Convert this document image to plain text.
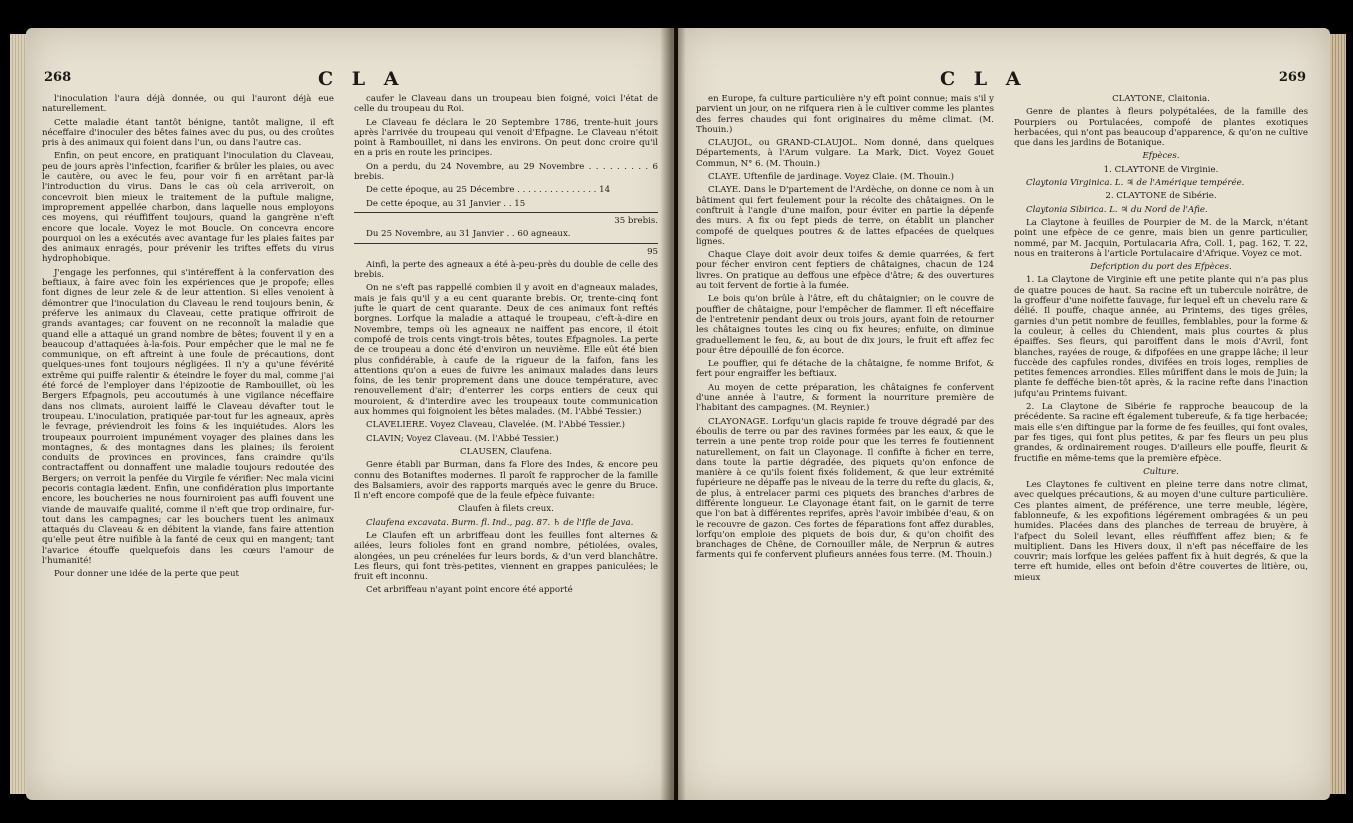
268	C L A

l'inoculation l'aura déjà donnée, ou qui l'auront déjà eue naturellement.

Cette maladie étant tantôt bénigne, tantôt maligne, il eft néceffaire d'inoculer des bêtes faines avec du pus, ou des croûtes pris à des animaux qui foient dans l'un, ou dans l'autre cas.

Enfin, on peut encore, en pratiquant l'inoculation du Claveau, peu de jours après l'infection, fcarifier & brûler les plaies, ou avec le cautère, ou avec le feu, pour voir fi en arrêtant par-là l'introduction du virus. Dans le cas où cela arriveroit, on concevroit bien mieux le traitement de la puftule maligne, improprement appellée charbon, dans laquelle nous employons ces moyens, qui réuffiffent toujours, quand la gangrène n'eft encore que locale. Voyez le mot Boucle. On concevra encore pourquoi on les a exécutés avec avantage fur les plaies faites par des animaux enragés, pour prévenir les triftes effets du virus hydrophobique.

J'engage les perfonnes, qui s'intéreffent à la confervation des beftiaux, à faire avec foin les expériences que je propofe; elles font dignes de leur zele & de leur attention. Si elles venoient à démontrer que l'inoculation du Claveau le rend toujours benin, & préferve les animaux du Claveau, cette pratique offriroit de grands avantages; car fouvent on ne reconnoît la maladie que quand elle a attaqué un grand nombre de bêtes; fouvent il y en a beaucoup d'attaquées à-la-fois. Pour empêcher que le mal ne fe communique, on eft aftreint à une foule de précautions, dont quelques-unes font toujours négligées. Il n'y a qu'une févérité extrême qui puiffe ralentir & éteindre le foyer du mal, comme j'ai été forcé de l'employer dans l'épizootie de Rambouillet, où les Bergers Efpagnols, peu accoutumés à une vigilance néceffaire dans nos climats, auroient laiffé le Claveau dévafter tout le troupeau. L'inoculation, pratiquée par-tout fur les agneaux, après le fevrage, préviendroit les foins & les inquiétudes. Alors les troupeaux pourroient impunément voyager des plaines dans les montagnes, & des montagnes dans les plaines; ils feroient conduits de provinces en provinces, fans craindre qu'ils contractaffent ou donnaffent une maladie toujours redoutée des Bergers; on verroit la penfée du Virgile fe vérifier: Nec mala vicini pecoris contagia lædent. Enfin, une confidération plus importante encore, les boucheries ne nous fourniroient pas auffi fouvent une viande de mauvaife qualité, comme il n'eft que trop ordinaire, fur-tout dans les campagnes; car les bouchers tuent les animaux attaqués du Claveau & en débitent la viande, fans faire attention qu'elle peut être nuifible à la fanté de ceux qui en mangent; tant l'avarice étouffe quelquefois dans les cœurs l'amour de l'humanité!

Pour donner une idée de la perte que peut

caufer le Claveau dans un troupeau bien foigné, voici l'état de celle du troupeau du Roi.

Le Claveau fe déclara le 20 Septembre 1786, trente-huit jours après l'arrivée du troupeau qui venoit d'Efpagne. Le Claveau n'étoit point à Rambouillet, ni dans les environs. On peut donc croire qu'il en a pris en route les principes.

On a perdu, du 24 Novembre, au 29 Novembre . . . . . . . . . 6 brebis.

De cette époque, au 25 Décembre . . . . . . . . . . . . . . . 14

De cette époque, au 31 Janvier . . 15

35 brebis.

Du 25 Novembre, au 31 Janvier . . 60 agneaux.

95

Ainfi, la perte des agneaux a été à-peu-près du double de celle des brebis.

On ne s'eft pas rappellé combien il y avoit en d'agneaux malades, mais je fais qu'il y a eu cent quarante brebis. Or, trente-cinq font jufte le quart de cent quarante. Deux de ces animaux font reftés borgnes. Lorfque la maladie a attaqué le troupeau, c'eft-à-dire en Novembre, temps où les agneaux ne naiffent pas encore, il étoit compofé de trois cents vingt-trois bêtes, toutes Efpagnoles. La perte de ce troupeau a donc été d'environ un neuvième. Elle eût été bien plus confidérable, à caufe de la rigueur de la faifon, fans les attentions qu'on a eues de fuivre les animaux malades dans leurs foins, de les tenir proprement dans une douce température, avec renouvellement d'air; d'enterrer les corps entiers de ceux qui mouroient, & d'interdire avec les troupeaux toute communication aux hommes qui foignoient les bêtes malades. (M. l'Abbé Tessier.)

CLAVELIERE. Voyez Claveau, Clavelée. (M. l'Abbé Tessier.)

CLAVIN; Voyez Claveau. (M. l'Abbé Tessier.)

CLAUSEN, Claufena.

Genre établi par Burman, dans fa Flore des Indes, & encore peu connu des Botaniftes modernes. Il paroît fe rapprocher de la famille des Balsamiers, avoir des rapports marqués avec le genre du Bruce. Il n'eft encore compofé que de la feule efpèce fuivante:

Claufen à filets creux.

Claufena excavata. Burm. fl. Ind., pag. 87. ♄ de l'Ifle de Java.

Le Claufen eft un arbriffeau dont les feuilles font alternes & ailées, leurs folioles font en grand nombre, pétiolées, ovales, alongées, un peu crénelées fur leurs bords, & d'un verd blanchâtre. Les fleurs, qui font très-petites, viennent en grappes paniculées; le fruit eft inconnu.

Cet arbriffeau n'ayant point encore été apporté

C L A	269

en Europe, fa culture particulière n'y eft point connue; mais s'il y parvient un jour, on ne rifquera rien à le cultiver comme les plantes des ferres chaudes qui font originaires du même climat. (M. Thouin.)

CLAUJOL, ou GRAND-CLAUJOL. Nom donné, dans quelques Départements, à l'Arum vulgare. La Mark, Dict. Voyez Gouet Commun, N° 6. (M. Thouin.)

CLAYE. Uftenfile de jardinage. Voyez Claie. (M. Thouin.)

CLAYE. Dans le D'partement de l'Ardèche, on donne ce nom à un bâtiment qui fert feulement pour la récolte des châtaignes. On le conftruit à l'angle d'une maifon, pour éviter en partie la dépenfe des murs. A fix ou fept pieds de terre, on établit un plancher compofé de quelques poutres & de lattes efpacées de quelques lignes.

Chaque Claye doit avoir deux toifes & demie quarrées, & fert pour fécher environ cent feptiers de châtaignes, chacun de 124 livres. On pratique au deffous une efpèce d'âtre; & des ouvertures au toit fervent de fortie à la fumée.

Le bois qu'on brûle à l'âtre, eft du châtaignier; on le couvre de pouffier de châtaigne, pour l'empêcher de flammer. Il eft néceffaire de l'entretenir pendant deux ou trois jours, ayant foin de retourner les châtaignes toutes les cinq ou fix heures; enfuite, on diminue graduellement le feu, &, au bout de dix jours, le fruit eft affez fec pour être dépouillé de fon écorce.

Le pouffier, qui fe détache de la châtaigne, fe nomme Brifot, & fert pour engraiffer les beftiaux.

Au moyen de cette préparation, les châtaignes fe confervent d'une année à l'autre, & forment la nourriture première de l'habitant des campagnes. (M. Reynier.)

CLAYONAGE. Lorfqu'un glacis rapide fe trouve dégradé par des éboulis de terre ou par des ravines formées par les eaux, & que le terrein a une pente trop roide pour que les terres fe foutiennent naturellement, on fait un Clayonage. Il confifte à ficher en terre, dans toute la partie dégradée, des piquets qu'on enfonce de manière à ce qu'ils foient fixés folidement, & que leur extrémité fupérieure ne dépaffe pas le niveau de la terre du refte du glacis, &, de plus, à entrelacer parmi ces piquets des branches d'arbres de différente longueur. Le Clayonage étant fait, on le garnit de terre que l'on bat à différentes reprifes, après l'avoir imbibée d'eau, & on le recouvre de gazon. Ces fortes de féparations font affez durables, lorfqu'on emploie des piquets de bois dur, & qu'on choifit des branchages de Chêne, de Cornouiller mâle, de Nerprun & autres farments qui fe confervent plufieurs années fous terre. (M. Thouin.)

CLAYTONE, Claitonia.

Genre de plantes à fleurs polypétalées, de la famille des Pourpiers ou Portulacées, compofé de plantes exotiques herbacées, qui n'ont pas beaucoup d'apparence, & qu'on ne cultive que dans les jardins de Botanique.

Efpèces.

1. CLAYTONE de Virginie.

Claytonia Virginica. L. ♃ de l'Amérique tempérée.

2. CLAYTONE de Sibérie.

Claytonia Sibirica. L. ♃ du Nord de l'Afie.

La Claytone à feuilles de Pourpier de M. de la Marck, n'étant point une efpèce de ce genre, mais bien un genre particulier, nommé, par M. Jacquin, Portulacaria Afra, Coll. 1, pag. 162, T. 22, nous en traiterons à l'article Portulacaire d'Afrique. Voyez ce mot.

Defcription du port des Efpèces.

1. La Claytone de Virginie eft une petite plante qui n'a pas plus de quatre pouces de haut. Sa racine eft un tubercule noirâtre, de la groffeur d'une noifette fauvage, fur lequel eft un chevelu rare & délié. Il pouffe, chaque année, au Printems, des tiges grêles, garnies d'un petit nombre de feuilles, femblables, pour la forme & la couleur, à celles du Chiendent, mais plus courtes & plus épaiffes. Ses fleurs, qui paroiffent dans le mois d'Avril, font blanches, rayées de rouge, & difpofées en une grappe lâche; il leur fuccède des capfules rondes, divifées en trois loges, remplies de petites femences arrondies. Elles mûriffent dans le mois de Juin; la plante fe defféche bien-tôt après, & la racine refte dans l'inaction jufqu'au Printems fuivant.

2. La Claytone de Sibérie fe rapproche beaucoup de la précédente. Sa racine eft également tubereufe, & fa tige herbacée; mais elle s'en diftingue par la forme de fes feuilles, qui font ovales, par fes tiges, qui font plus petites, & par fes fleurs un peu plus grandes, & ordinairement rouges. D'ailleurs elle pouffe, fleurit & fructifie en même-tems que la première efpèce.

Culture.

Les Claytones fe cultivent en pleine terre dans notre climat, avec quelques précautions, & au moyen d'une culture particulière. Ces plantes aiment, de préférence, une terre meuble, légère, fablonneufe, & les expofitions légérement ombragées & un peu humides. Placées dans des planches de terreau de bruyère, à l'afpect du Soleil levant, elles réuffiffent affez bien; & fe multiplient. Dans les Hivers doux, il n'eft pas néceffaire de les couvrir; mais lorfque les gelées paffent fix à huit degrés, & que la terre eft humide, elles ont befoin d'être couvertes de litière, ou, mieux
